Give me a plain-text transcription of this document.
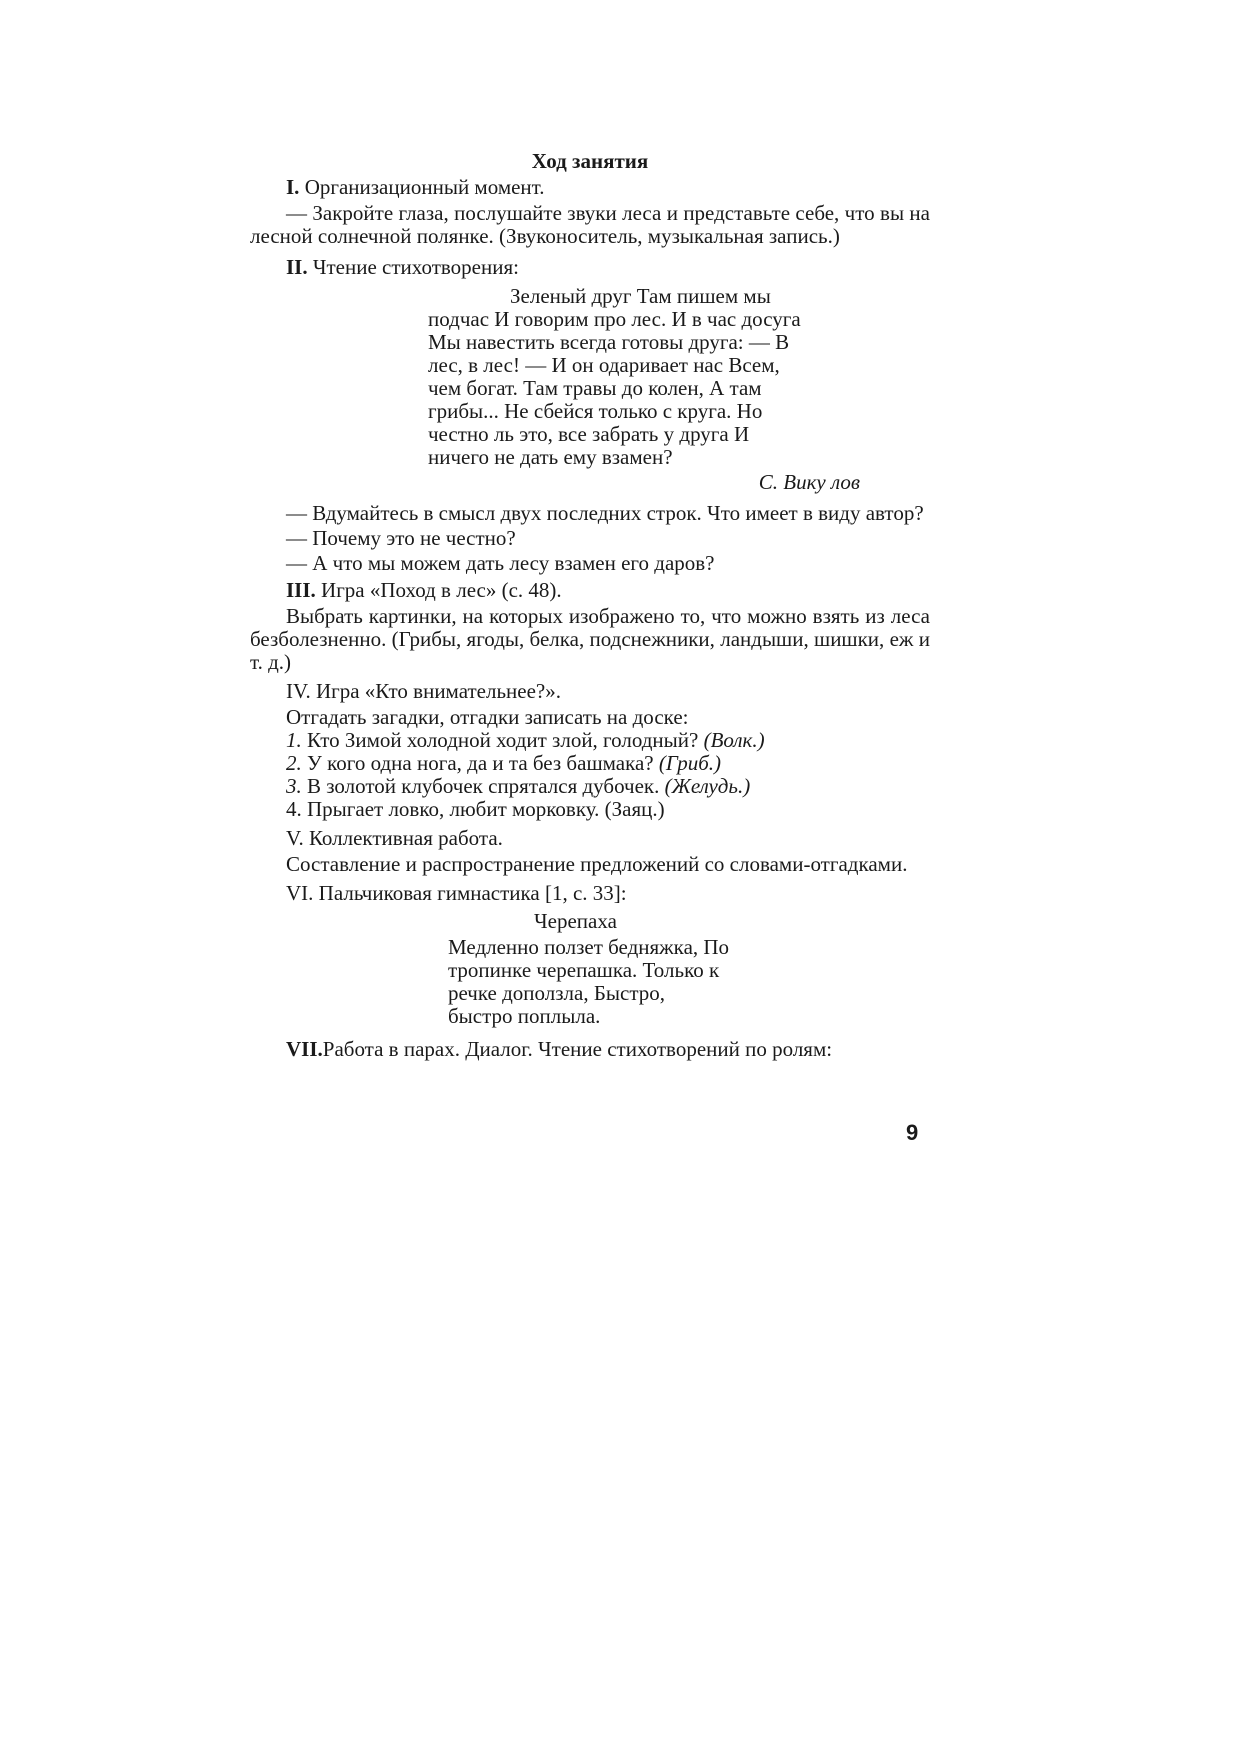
Ход занятия
I. Организационный момент.

— Закройте глаза, послушайте звуки леса и представьте себе, что вы на лесной солнечной полянке. (Звуконоситель, музыкальная запись.)

II. Чтение стихотворения:
Зеленый друг Там пишем мы
подчас И говорим про лес. И в час досуга
Мы навестить всегда готовы друга: — В
лес, в лес! — И он одаривает нас Всем,
чем богат. Там травы до колен, А там
грибы... Не сбейся только с круга. Но
честно ль это, все забрать у друга И
ничего не дать ему взамен?
С. Вику лов

— Вдумайтесь в смысл двух последних строк. Что имеет в виду автор?

— Почему это не честно?

— А что мы можем дать лесу взамен его даров?

III. Игра «Поход в лес» (с. 48).

Выбрать картинки, на которых изображено то, что можно взять из леса безболезненно. (Грибы, ягоды, белка, подснежники, ландыши, шишки, еж и т. д.)

IV. Игра «Кто внимательнее?».

Отгадать загадки, отгадки записать на доске:

1. Кто Зимой холодной ходит злой, голодный? (Волк.)

2. У кого одна нога, да и та без башмака? (Гриб.)

3. В золотой клубочек спрятался дубочек. (Желудь.)

4. Прыгает ловко, любит морковку. (Заяц.)

V. Коллективная работа.

Составление и распространение предложений со словами-отгадками.

VI. Пальчиковая гимнастика [1, с. 33]:
Черепаха
Медленно ползет бедняжка, По
тропинке черепашка. Только к
речке доползла, Быстро,
быстро поплыла.
VII.Работа в парах. Диалог. Чтение стихотворений по ролям:
9
